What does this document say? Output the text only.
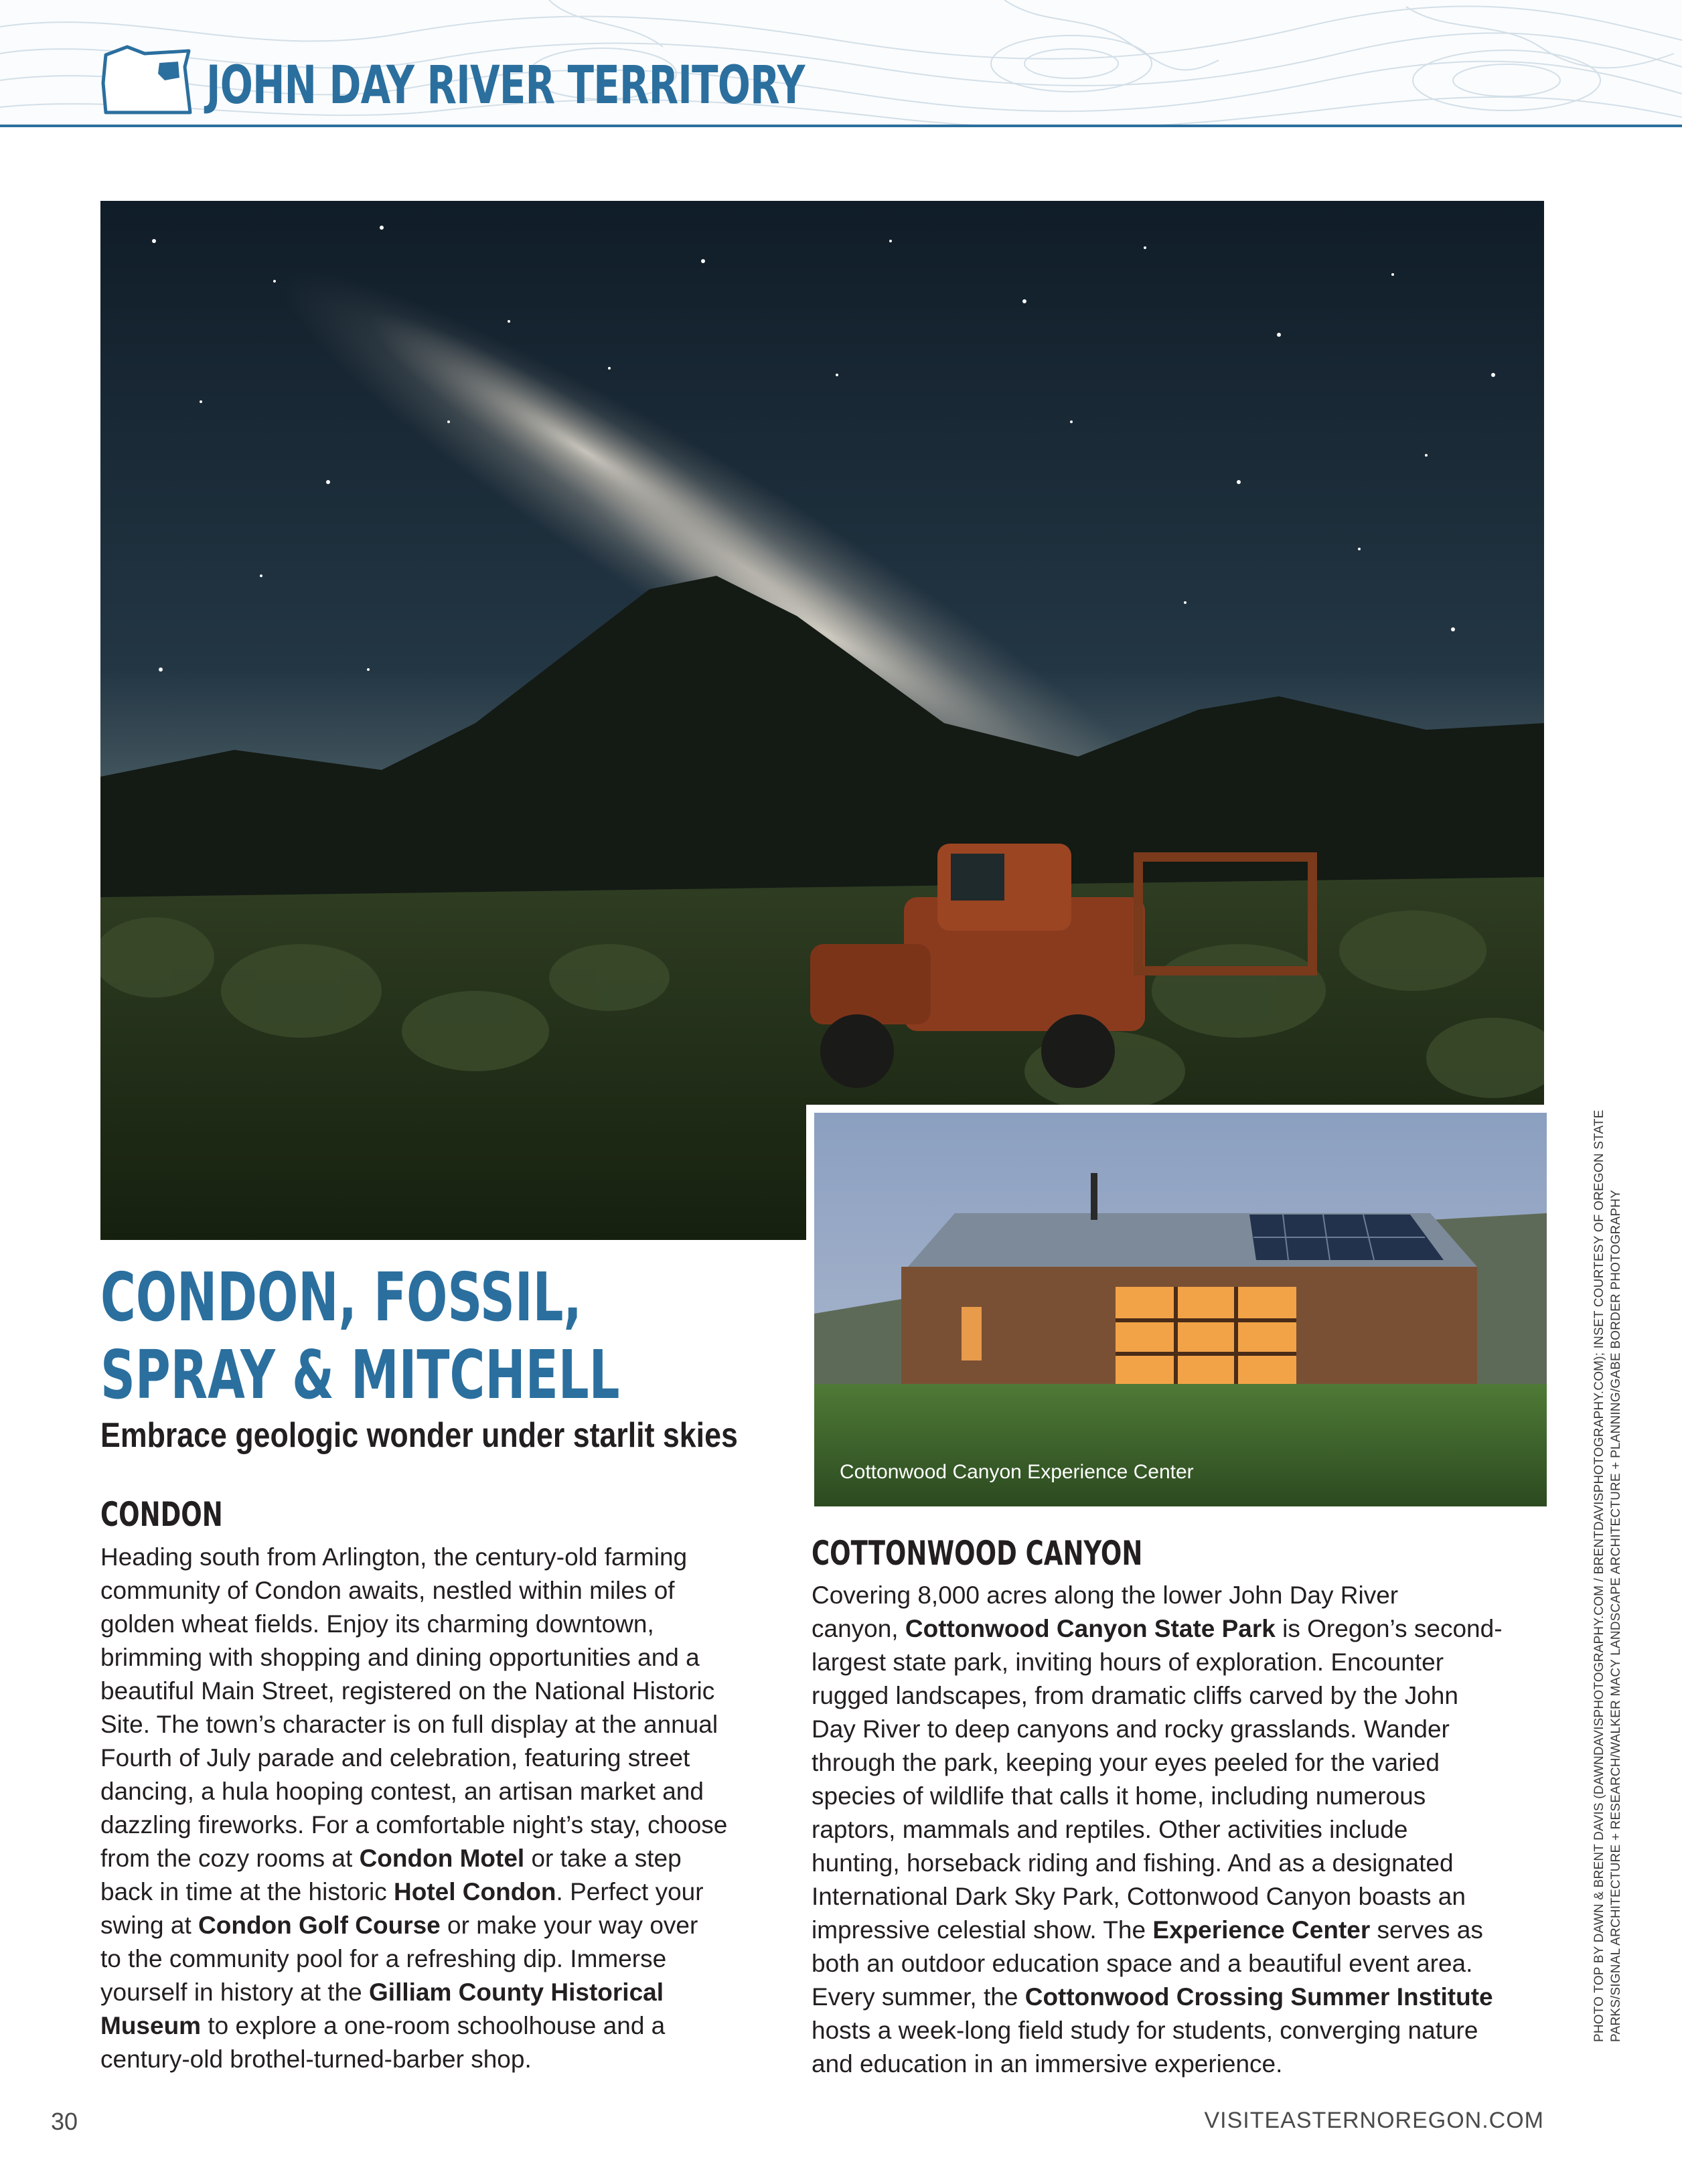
JOHN DAY RIVER TERRITORY
Cottonwood Canyon Experience Center
CONDON, FOSSIL,
SPRAY & MITCHELL
Embrace geologic wonder under starlit skies
CONDON
Heading south from Arlington, the century-old farming
community of Condon awaits, nestled within miles of
golden wheat fields. Enjoy its charming downtown,
brimming with shopping and dining opportunities and a
beautiful Main Street, registered on the National Historic
Site. The town’s character is on full display at the annual
Fourth of July parade and celebration, featuring street
dancing, a hula hooping contest, an artisan market and
dazzling fireworks. For a comfortable night’s stay, choose
from the cozy rooms at Condon Motel or take a step
back in time at the historic Hotel Condon. Perfect your
swing at Condon Golf Course or make your way over
to the community pool for a refreshing dip. Immerse
yourself in history at the Gilliam County Historical
Museum to explore a one-room schoolhouse and a
century-old brothel-turned-barber shop.
COTTONWOOD CANYON
Covering 8,000 acres along the lower John Day River
canyon, Cottonwood Canyon State Park is Oregon’s second-
largest state park, inviting hours of exploration. Encounter
rugged landscapes, from dramatic cliffs carved by the John
Day River to deep canyons and rocky grasslands. Wander
through the park, keeping your eyes peeled for the varied
species of wildlife that calls it home, including numerous
raptors, mammals and reptiles. Other activities include
hunting, horseback riding and fishing. And as a designated
International Dark Sky Park, Cottonwood Canyon boasts an
impressive celestial show. The Experience Center serves as
both an outdoor education space and a beautiful event area.
Every summer, the Cottonwood Crossing Summer Institute
hosts a week-long field study for students, converging nature
and education in an immersive experience.
PHOTO TOP BY DAWN & BRENT DAVIS (DAWNDAVISPHOTOGRAPHY.COM / BRENTDAVISPHOTOGRAPHY.COM); INSET COURTESY OF OREGON STATE PARKS/SIGNAL ARCHITECTURE + RESEARCH/WALKER MACY LANDSCAPE ARCHITECTURE + PLANNING/GABE BORDER PHOTOGRAPHY
30	VISITEASTERNOREGON.COM
